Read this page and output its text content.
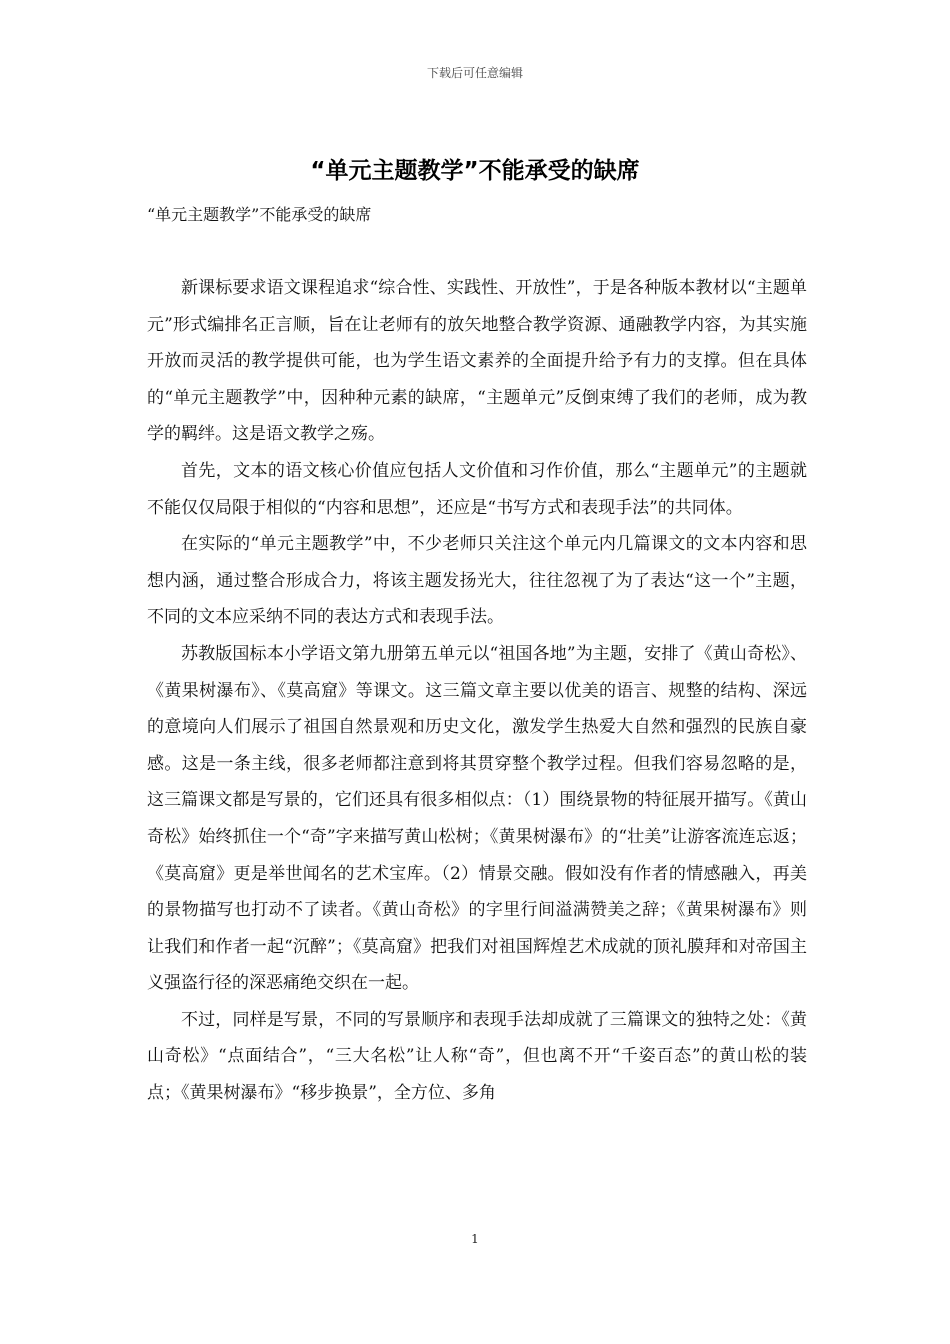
下载后可任意编辑
“单元主题教学”不能承受的缺席
“单元主题教学”不能承受的缺席

新课标要求语文课程追求“综合性、实践性、开放性”，于是各种版本教材以“主题单元”形式编排名正言顺，旨在让老师有的放矢地整合教学资源、通融教学内容，为其实施开放而灵活的教学提供可能，也为学生语文素养的全面提升给予有力的支撑。但在具体的“单元主题教学”中，因种种元素的缺席，“主题单元”反倒束缚了我们的老师，成为教学的羁绊。这是语文教学之殇。

首先，文本的语文核心价值应包括人文价值和习作价值，那么“主题单元”的主题就不能仅仅局限于相似的“内容和思想”，还应是“书写方式和表现手法”的共同体。

在实际的“单元主题教学”中，不少老师只关注这个单元内几篇课文的文本内容和思想内涵，通过整合形成合力，将该主题发扬光大，往往忽视了为了表达“这一个”主题，不同的文本应采纳不同的表达方式和表现手法。

苏教版国标本小学语文第九册第五单元以“祖国各地”为主题，安排了《黄山奇松》、《黄果树瀑布》、《莫高窟》等课文。这三篇文章主要以优美的语言、规整的结构、深远的意境向人们展示了祖国自然景观和历史文化，激发学生热爱大自然和强烈的民族自豪感。这是一条主线，很多老师都注意到将其贯穿整个教学过程。但我们容易忽略的是，这三篇课文都是写景的，它们还具有很多相似点：（1）围绕景物的特征展开描写。《黄山奇松》始终抓住一个“奇”字来描写黄山松树；《黄果树瀑布》的“壮美”让游客流连忘返；《莫高窟》更是举世闻名的艺术宝库。（2）情景交融。假如没有作者的情感融入，再美的景物描写也打动不了读者。《黄山奇松》的字里行间溢满赞美之辞；《黄果树瀑布》则让我们和作者一起“沉醉”；《莫高窟》把我们对祖国辉煌艺术成就的顶礼膜拜和对帝国主义强盗行径的深恶痛绝交织在一起。

不过，同样是写景，不同的写景顺序和表现手法却成就了三篇课文的独特之处：《黄山奇松》“点面结合”，“三大名松”让人称“奇”，但也离不开“千姿百态”的黄山松的装点；《黄果树瀑布》“移步换景”，全方位、多角

1
